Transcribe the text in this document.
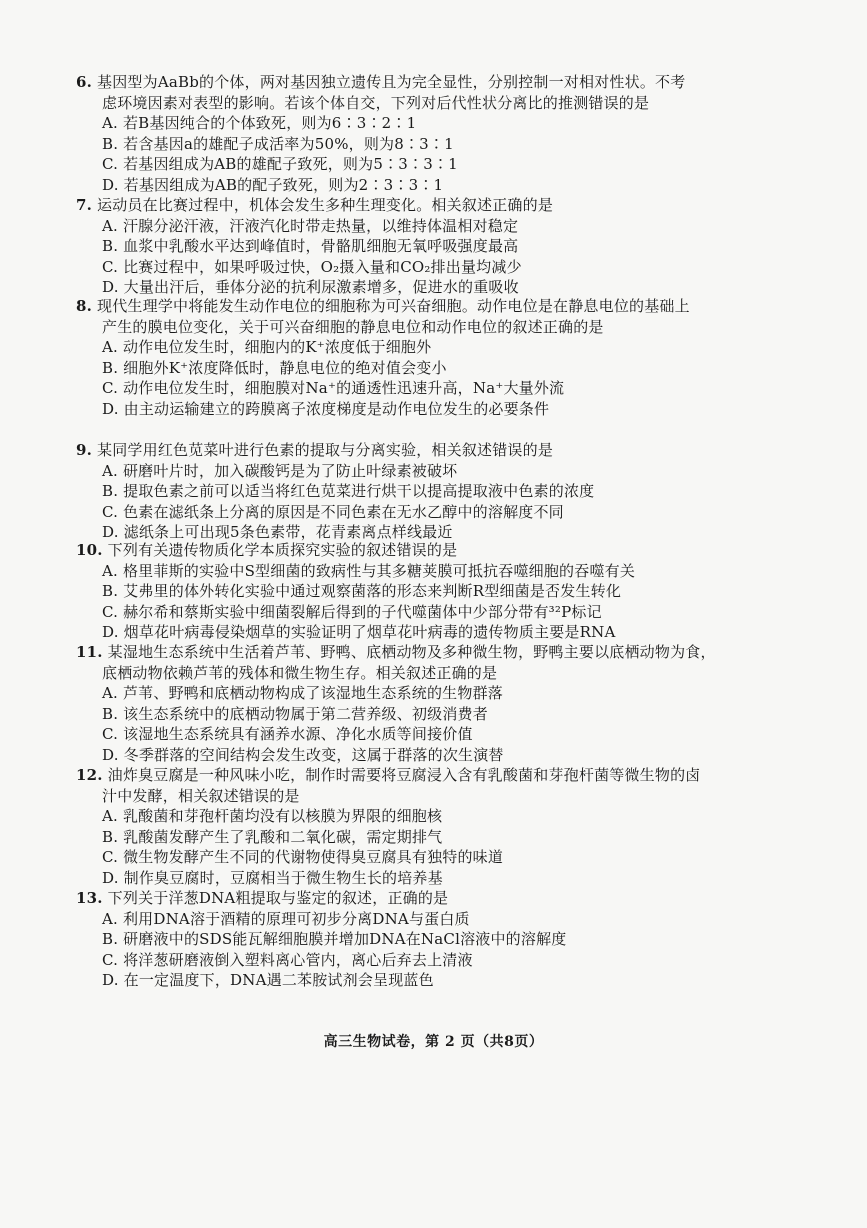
6. 基因型为AaBb的个体，两对基因独立遗传且为完全显性，分别控制一对相对性状。不考
虑环境因素对表型的影响。若该个体自交，下列对后代性状分离比的推测错误的是
A. 若B基因纯合的个体致死，则为6∶3∶2∶1
B. 若含基因a的雄配子成活率为50%，则为8∶3∶1
C. 若基因组成为AB的雄配子致死，则为5∶3∶3∶1
D. 若基因组成为AB的配子致死，则为2∶3∶3∶1
7. 运动员在比赛过程中，机体会发生多种生理变化。相关叙述正确的是
A. 汗腺分泌汗液，汗液汽化时带走热量，以维持体温相对稳定
B. 血浆中乳酸水平达到峰值时，骨骼肌细胞无氧呼吸强度最高
C. 比赛过程中，如果呼吸过快，O₂摄入量和CO₂排出量均减少
D. 大量出汗后，垂体分泌的抗利尿激素增多，促进水的重吸收
8. 现代生理学中将能发生动作电位的细胞称为可兴奋细胞。动作电位是在静息电位的基础上
产生的膜电位变化，关于可兴奋细胞的静息电位和动作电位的叙述正确的是
A. 动作电位发生时，细胞内的K⁺浓度低于细胞外
B. 细胞外K⁺浓度降低时，静息电位的绝对值会变小
C. 动作电位发生时，细胞膜对Na⁺的通透性迅速升高，Na⁺大量外流
D. 由主动运输建立的跨膜离子浓度梯度是动作电位发生的必要条件
9. 某同学用红色苋菜叶进行色素的提取与分离实验，相关叙述错误的是
A. 研磨叶片时，加入碳酸钙是为了防止叶绿素被破坏
B. 提取色素之前可以适当将红色苋菜进行烘干以提高提取液中色素的浓度
C. 色素在滤纸条上分离的原因是不同色素在无水乙醇中的溶解度不同
D. 滤纸条上可出现5条色素带，花青素离点样线最近
10. 下列有关遗传物质化学本质探究实验的叙述错误的是
A. 格里菲斯的实验中S型细菌的致病性与其多糖荚膜可抵抗吞噬细胞的吞噬有关
B. 艾弗里的体外转化实验中通过观察菌落的形态来判断R型细菌是否发生转化
C. 赫尔希和蔡斯实验中细菌裂解后得到的子代噬菌体中少部分带有³²P标记
D. 烟草花叶病毒侵染烟草的实验证明了烟草花叶病毒的遗传物质主要是RNA
11. 某湿地生态系统中生活着芦苇、野鸭、底栖动物及多种微生物，野鸭主要以底栖动物为食，
底栖动物依赖芦苇的残体和微生物生存。相关叙述正确的是
A. 芦苇、野鸭和底栖动物构成了该湿地生态系统的生物群落
B. 该生态系统中的底栖动物属于第二营养级、初级消费者
C. 该湿地生态系统具有涵养水源、净化水质等间接价值
D. 冬季群落的空间结构会发生改变，这属于群落的次生演替
12. 油炸臭豆腐是一种风味小吃，制作时需要将豆腐浸入含有乳酸菌和芽孢杆菌等微生物的卤
汁中发酵，相关叙述错误的是
A. 乳酸菌和芽孢杆菌均没有以核膜为界限的细胞核
B. 乳酸菌发酵产生了乳酸和二氧化碳，需定期排气
C. 微生物发酵产生不同的代谢物使得臭豆腐具有独特的味道
D. 制作臭豆腐时，豆腐相当于微生物生长的培养基
13. 下列关于洋葱DNA粗提取与鉴定的叙述，正确的是
A. 利用DNA溶于酒精的原理可初步分离DNA与蛋白质
B. 研磨液中的SDS能瓦解细胞膜并增加DNA在NaCl溶液中的溶解度
C. 将洋葱研磨液倒入塑料离心管内，离心后弃去上清液
D. 在一定温度下，DNA遇二苯胺试剂会呈现蓝色
高三生物试卷，第 2 页（共8页）
